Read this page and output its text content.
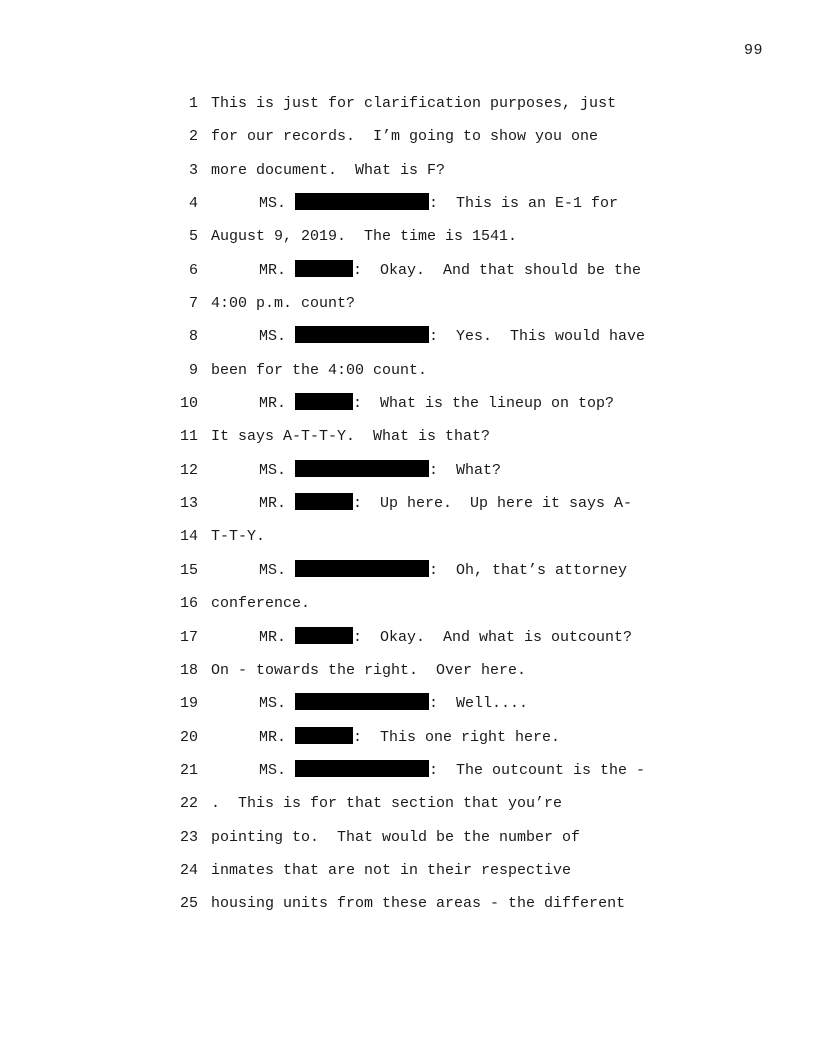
99
1 This is just for clarification purposes, just
2 for our records.  I’m going to show you one
3 more document.  What is F?
4	MS.	:  This is an E-1 for
5 August 9, 2019.  The time is 1541.
6	MR.	:  Okay.  And that should be the
7 4:00 p.m. count?
8	MS.	:  Yes.  This would have
9 been for the 4:00 count.
10	MR.	:  What is the lineup on top?
11 It says A-T-T-Y.  What is that?
12	MS.	:  What?
13	MR.	:  Up here.  Up here it says A-
14 T-T-Y.
15	MS.	:  Oh, that’s attorney
16 conference.
17	MR.	:  Okay.  And what is outcount?
18 On - towards the right.  Over here.
19	MS.	:  Well....
20	MR.	:  This one right here.
21	MS.	:  The outcount is the -
22 .  This is for that section that you’re
23 pointing to.  That would be the number of
24 inmates that are not in their respective
25 housing units from these areas - the different
